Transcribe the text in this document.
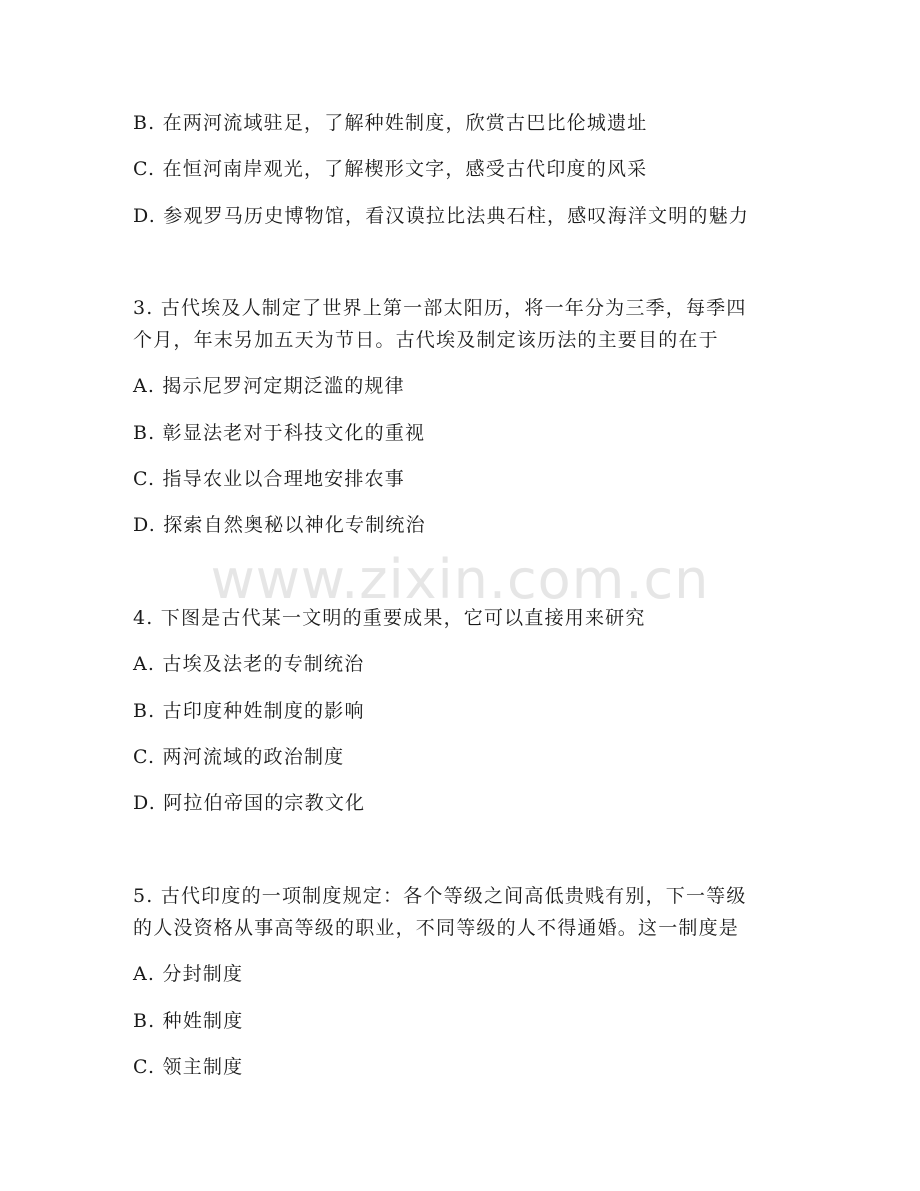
www.zixin.com.cn
B. 在两河流域驻足，了解种姓制度，欣赏古巴比伦城遗址
C. 在恒河南岸观光，了解楔形文字，感受古代印度的风采
D. 参观罗马历史博物馆，看汉谟拉比法典石柱，感叹海洋文明的魅力
3. 古代埃及人制定了世界上第一部太阳历，将一年分为三季，每季四
个月，年末另加五天为节日。古代埃及制定该历法的主要目的在于
A. 揭示尼罗河定期泛滥的规律
B. 彰显法老对于科技文化的重视
C. 指导农业以合理地安排农事
D. 探索自然奥秘以神化专制统治
4. 下图是古代某一文明的重要成果，它可以直接用来研究
A. 古埃及法老的专制统治
B. 古印度种姓制度的影响
C. 两河流域的政治制度
D. 阿拉伯帝国的宗教文化
5. 古代印度的一项制度规定：各个等级之间高低贵贱有别，下一等级
的人没资格从事高等级的职业，不同等级的人不得通婚。这一制度是
A. 分封制度
B. 种姓制度
C. 领主制度
